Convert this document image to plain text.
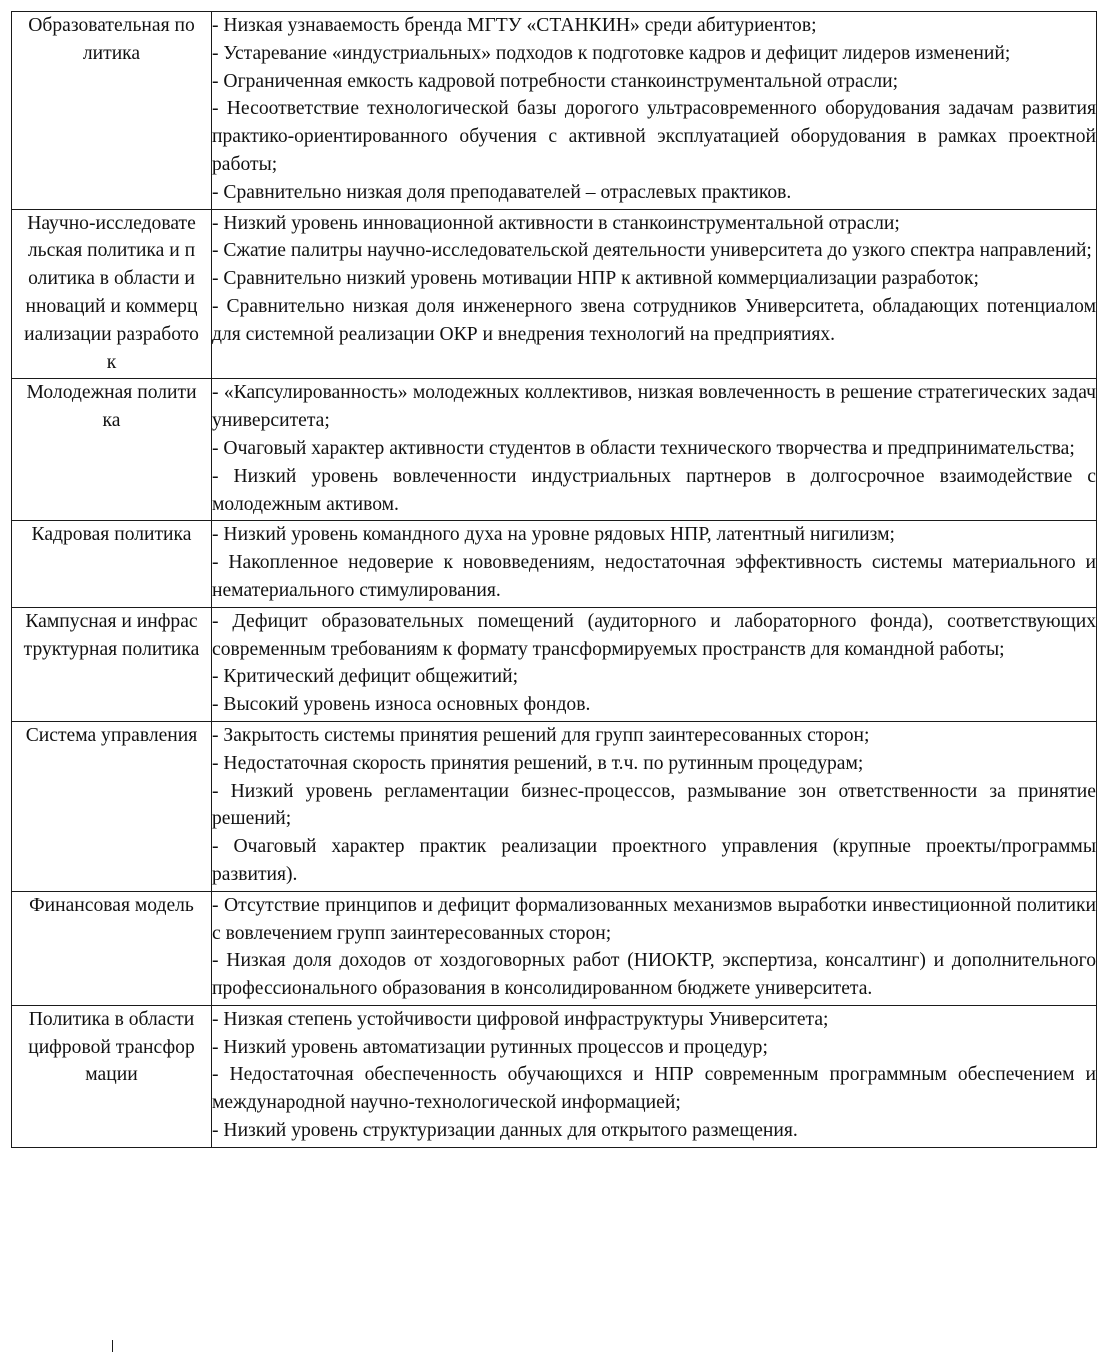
Образовательная политика	- Низкая узнаваемость бренда МГТУ «СТАНКИН» среди абитуриентов;
- Устаревание «индустриальных» подходов к подготовке кадров и дефицит лидеров изменений;
- Ограниченная емкость кадровой потребности станкоинструментальной отрасли;
- Несоответствие технологической базы дорогого ультрасовременного оборудования задачам развития практико-ориентированного обучения с активной эксплуатацией оборудования в рамках проектной работы;
- Сравнительно низкая доля преподавателей – отраслевых практиков.

Научно-исследовательская политика и политика в области инноваций и коммерциализации разработок	- Низкий уровень инновационной активности в станкоинструментальной отрасли;
- Сжатие палитры научно-исследовательской деятельности университета до узкого спектра направлений;
- Сравнительно низкий уровень мотивации НПР к активной коммерциализации разработок;
- Сравнительно низкая доля инженерного звена сотрудников Университета, обладающих потенциалом для системной реализации ОКР и внедрения технологий на предприятиях.

Молодежная политика	- «Капсулированность» молодежных коллективов, низкая вовлеченность в решение стратегических задач университета;
- Очаговый характер активности студентов в области технического творчества и предпринимательства;
- Низкий уровень вовлеченности индустриальных партнеров в долгосрочное взаимодействие с молодежным активом.

Кадровая политика	- Низкий уровень командного духа на уровне рядовых НПР, латентный нигилизм;
- Накопленное недоверие к нововведениям, недостаточная эффективность системы материального и нематериального стимулирования.

Кампусная и инфраструктурная политика	- Дефицит образовательных помещений (аудиторного и лабораторного фонда), соответствующих современным требованиям к формату трансформируемых пространств для командной работы;
- Критический дефицит общежитий;
- Высокий уровень износа основных фондов.

Система управления	- Закрытость системы принятия решений для групп заинтересованных сторон;
- Недостаточная скорость принятия решений, в т.ч. по рутинным процедурам;
- Низкий уровень регламентации бизнес-процессов, размывание зон ответственности за принятие решений;
- Очаговый характер практик реализации проектного управления (крупные проекты/программы развития).

Финансовая модель	- Отсутствие принципов и дефицит формализованных механизмов выработки инвестиционной политики с вовлечением групп заинтересованных сторон;
- Низкая доля доходов от хоздоговорных работ (НИОКТР, экспертиза, консалтинг) и дополнительного профессионального образования в консолидированном бюджете университета.

Политика в области цифровой трансформации	- Низкая степень устойчивости цифровой инфраструктуры Университета;
- Низкий уровень автоматизации рутинных процессов и процедур;
- Недостаточная обеспеченность обучающихся и НПР современным программным обеспечением и международной научно-технологической информацией;
- Низкий уровень структуризации данных для открытого размещения.
